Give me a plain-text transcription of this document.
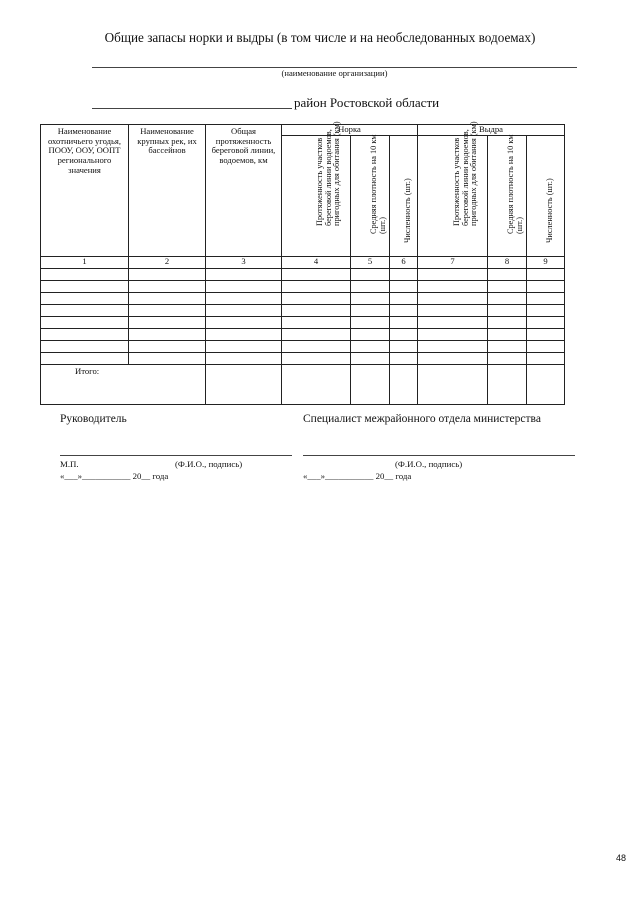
Общие запасы норки и выдры (в том числе и на необследованных водоемах)
(наименование организации)
район Ростовской области
Наименование охотничьего угодья, ПООУ, ООУ, ООПТ регионального значения	Наименование крупных рек, их бассейнов	Общая протяженность береговой линии, водоемов, км	Норка			Выдра		

			Протяженность участков береговой линии водоемов, пригодных для обитания (км)	Средняя плотность на 10 км (шт.)	Численность (шт.)	Протяженность участков береговой линии водоемов, пригодных для обитания (км)	Средняя плотность на 10 км (шт.)	Численность (шт.)

1	2	3	4	5	6	7	8	9

Итого:								
Руководитель	Специалист межрайонного отдела министерства
М.П.	(Ф.И.О., подпись)	(Ф.И.О., подпись)
«___»___________ 20__ года	«___»___________ 20__ года
48
